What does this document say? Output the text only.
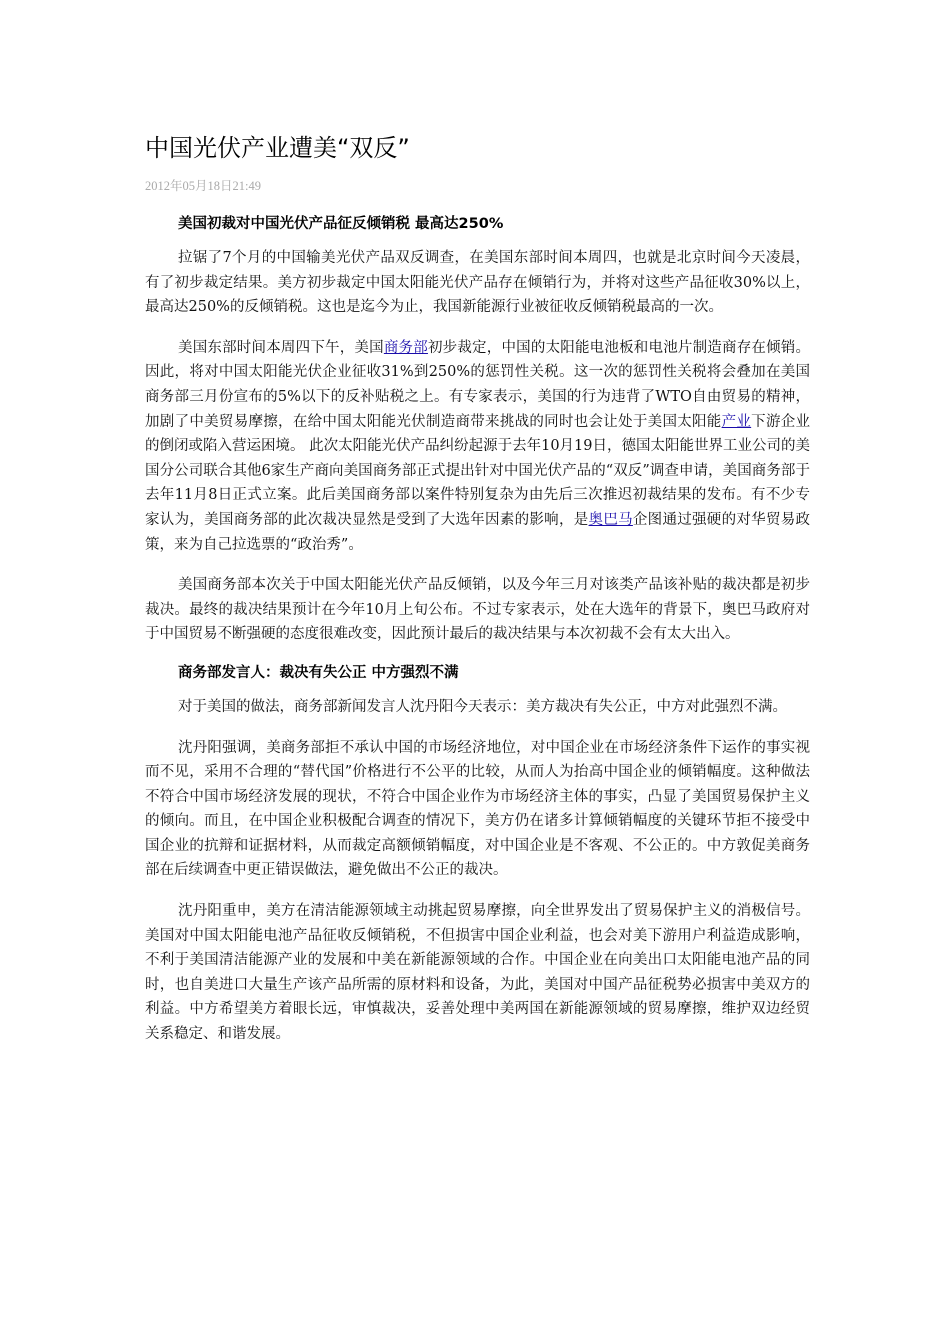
中国光伏产业遭美“双反”
2012年05月18日21:49
美国初裁对中国光伏产品征反倾销税 最高达250%

拉锯了7个月的中国输美光伏产品双反调查，在美国东部时间本周四，也就是北京时间今天凌晨，有了初步裁定结果。美方初步裁定中国太阳能光伏产品存在倾销行为，并将对这些产品征收30%以上，最高达250%的反倾销税。这也是迄今为止，我国新能源行业被征收反倾销税最高的一次。

美国东部时间本周四下午，美国商务部初步裁定，中国的太阳能电池板和电池片制造商存在倾销。因此，将对中国太阳能光伏企业征收31%到250%的惩罚性关税。这一次的惩罚性关税将会叠加在美国商务部三月份宣布的5%以下的反补贴税之上。有专家表示，美国的行为违背了WTO自由贸易的精神，加剧了中美贸易摩擦，在给中国太阳能光伏制造商带来挑战的同时也会让处于美国太阳能产业下游企业的倒闭或陷入营运困境。 此次太阳能光伏产品纠纷起源于去年10月19日，德国太阳能世界工业公司的美国分公司联合其他6家生产商向美国商务部正式提出针对中国光伏产品的“双反”调查申请，美国商务部于去年11月8日正式立案。此后美国商务部以案件特别复杂为由先后三次推迟初裁结果的发布。有不少专家认为，美国商务部的此次裁决显然是受到了大选年因素的影响，是奥巴马企图通过强硬的对华贸易政策，来为自己拉选票的“政治秀”。

美国商务部本次关于中国太阳能光伏产品反倾销，以及今年三月对该类产品该补贴的裁决都是初步裁决。最终的裁决结果预计在今年10月上旬公布。不过专家表示，处在大选年的背景下，奥巴马政府对于中国贸易不断强硬的态度很难改变，因此预计最后的裁决结果与本次初裁不会有太大出入。

商务部发言人：裁决有失公正 中方强烈不满

对于美国的做法，商务部新闻发言人沈丹阳今天表示：美方裁决有失公正，中方对此强烈不满。

沈丹阳强调，美商务部拒不承认中国的市场经济地位，对中国企业在市场经济条件下运作的事实视而不见，采用不合理的“替代国”价格进行不公平的比较，从而人为抬高中国企业的倾销幅度。这种做法不符合中国市场经济发展的现状，不符合中国企业作为市场经济主体的事实，凸显了美国贸易保护主义的倾向。而且，在中国企业积极配合调查的情况下，美方仍在诸多计算倾销幅度的关键环节拒不接受中国企业的抗辩和证据材料，从而裁定高额倾销幅度，对中国企业是不客观、不公正的。中方敦促美商务部在后续调查中更正错误做法，避免做出不公正的裁决。

沈丹阳重申，美方在清洁能源领域主动挑起贸易摩擦，向全世界发出了贸易保护主义的消极信号。美国对中国太阳能电池产品征收反倾销税，不但损害中国企业利益，也会对美下游用户利益造成影响，不利于美国清洁能源产业的发展和中美在新能源领域的合作。中国企业在向美出口太阳能电池产品的同时，也自美进口大量生产该产品所需的原材料和设备，为此，美国对中国产品征税势必损害中美双方的利益。中方希望美方着眼长远，审慎裁决，妥善处理中美两国在新能源领域的贸易摩擦，维护双边经贸关系稳定、和谐发展。
